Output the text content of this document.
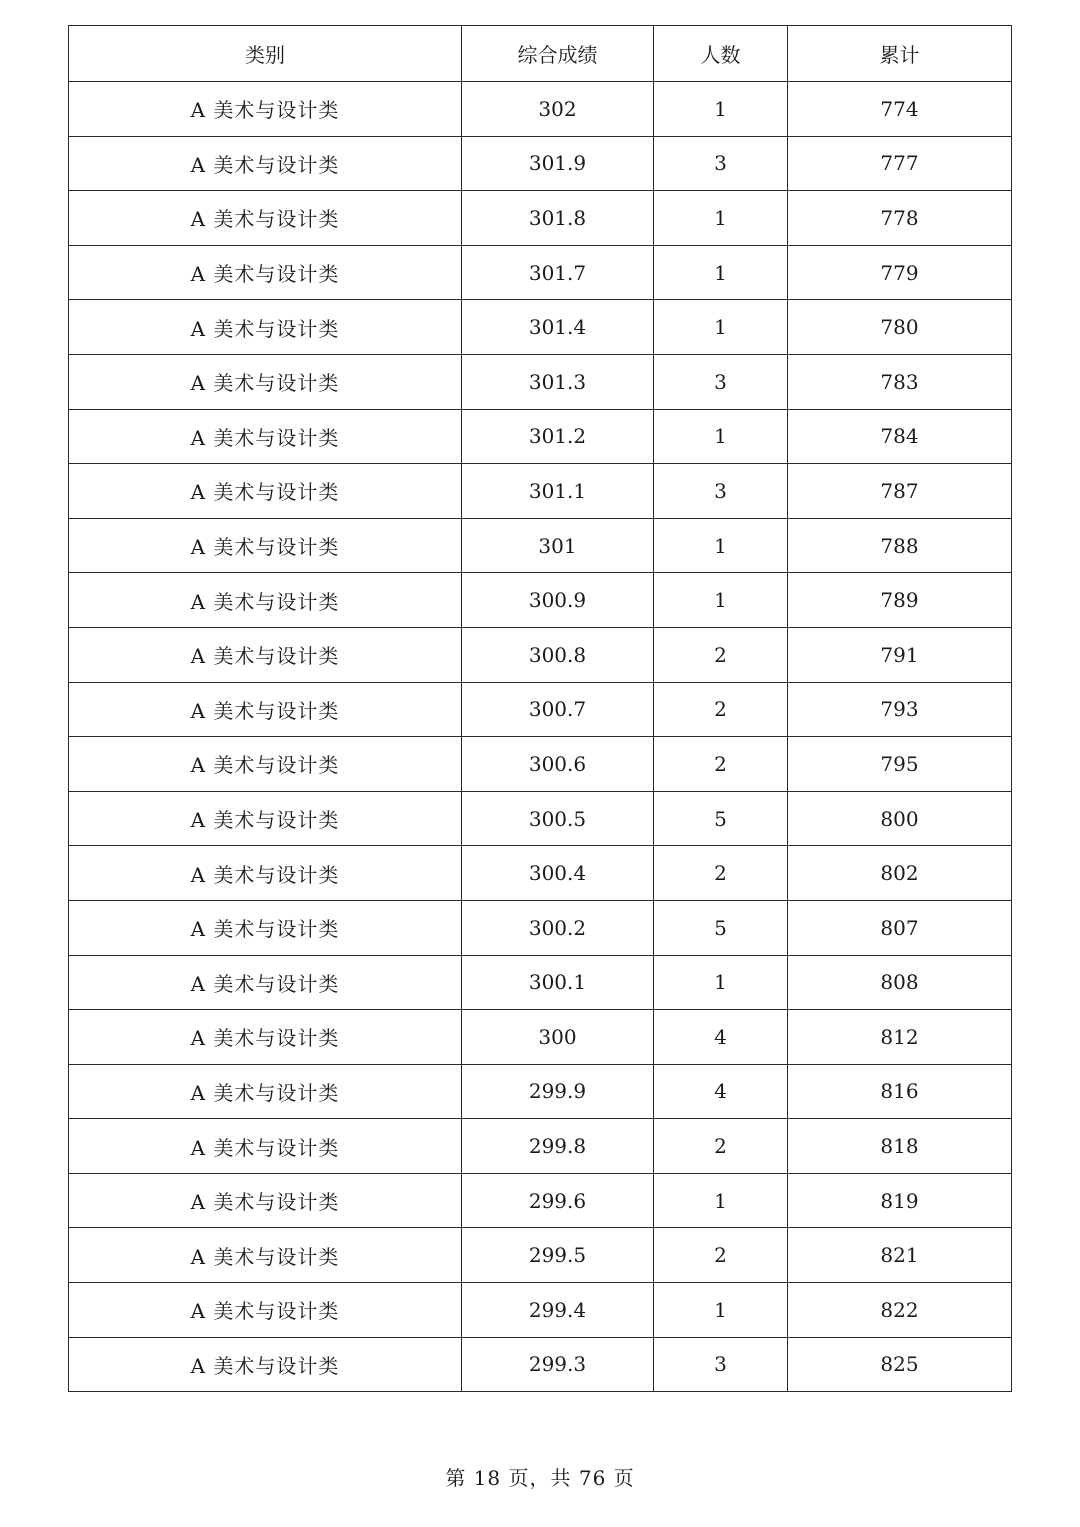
类别	综合成绩	人数	累计
A 美术与设计类	302	1	774
A 美术与设计类	301.9	3	777
A 美术与设计类	301.8	1	778
A 美术与设计类	301.7	1	779
A 美术与设计类	301.4	1	780
A 美术与设计类	301.3	3	783
A 美术与设计类	301.2	1	784
A 美术与设计类	301.1	3	787
A 美术与设计类	301	1	788
A 美术与设计类	300.9	1	789
A 美术与设计类	300.8	2	791
A 美术与设计类	300.7	2	793
A 美术与设计类	300.6	2	795
A 美术与设计类	300.5	5	800
A 美术与设计类	300.4	2	802
A 美术与设计类	300.2	5	807
A 美术与设计类	300.1	1	808
A 美术与设计类	300	4	812
A 美术与设计类	299.9	4	816
A 美术与设计类	299.8	2	818
A 美术与设计类	299.6	1	819
A 美术与设计类	299.5	2	821
A 美术与设计类	299.4	1	822
A 美术与设计类	299.3	3	825
第 18 页，共 76 页
